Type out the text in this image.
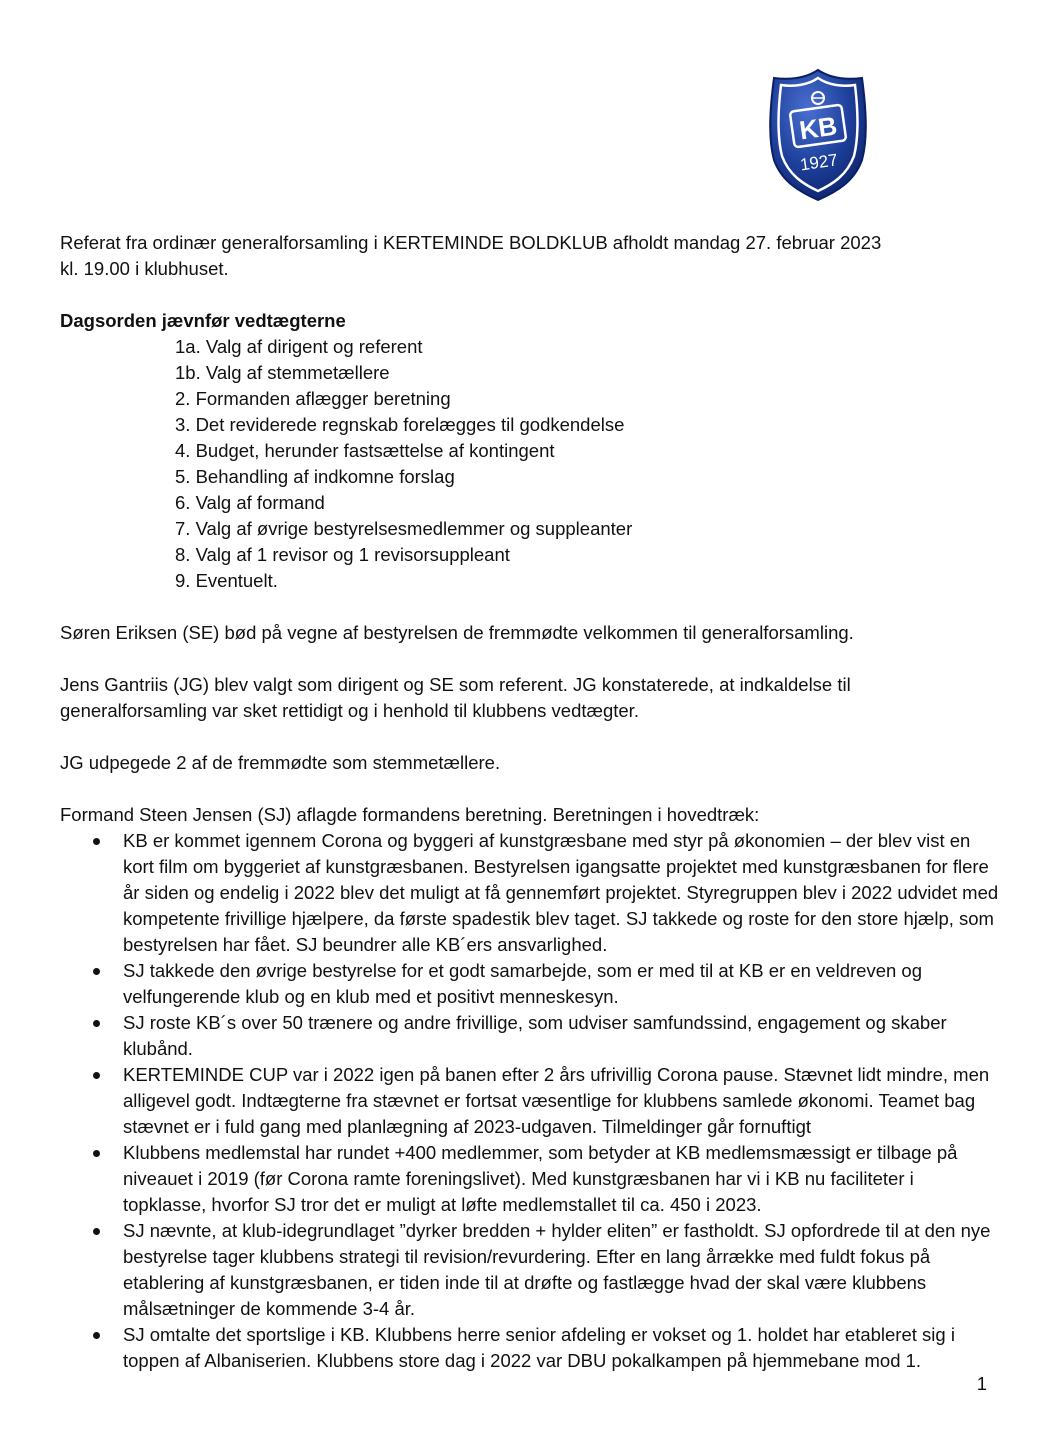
KB
1927

Referat fra ordinær generalforsamling i KERTEMINDE BOLDKLUB afholdt mandag 27. februar 2023

kl. 19.00 i klubhuset.

Dagsorden jævnfør vedtægterne

1a. Valg af dirigent og referent
1b. Valg af stemmetællere
2. Formanden aflægger beretning
3. Det reviderede regnskab forelægges til godkendelse
4. Budget, herunder fastsættelse af kontingent
5. Behandling af indkomne forslag
6. Valg af formand
7. Valg af øvrige bestyrelsesmedlemmer og suppleanter
8. Valg af 1 revisor og 1 revisorsuppleant
9. Eventuelt.

Søren Eriksen (SE) bød på vegne af bestyrelsen de fremmødte velkommen til generalforsamling.

Jens Gantriis (JG) blev valgt som dirigent og SE som referent. JG konstaterede, at indkaldelse til generalforsamling var sket rettidigt og i henhold til klubbens vedtægter.

JG udpegede 2 af de fremmødte som stemmetællere.

Formand Steen Jensen (SJ) aflagde formandens beretning. Beretningen i hovedtræk:

KB er kommet igennem Corona og byggeri af kunstgræsbane med styr på økonomien – der blev vist en kort film om byggeriet af kunstgræsbanen. Bestyrelsen igangsatte projektet med kunstgræsbanen for flere år siden og endelig i 2022 blev det muligt at få gennemført projektet. Styregruppen blev i 2022 udvidet med kompetente frivillige hjælpere, da første spadestik blev taget. SJ takkede og roste for den store hjælp, som bestyrelsen har fået. SJ beundrer alle KB´ers ansvarlighed.
SJ takkede den øvrige bestyrelse for et godt samarbejde, som er med til at KB er en veldreven og velfungerende klub og en klub med et positivt menneskesyn.
SJ roste KB´s over 50 trænere og andre frivillige, som udviser samfundssind, engagement og skaber klubånd.
KERTEMINDE CUP var i 2022 igen på banen efter 2 års ufrivillig Corona pause. Stævnet lidt mindre, men alligevel godt. Indtægterne fra stævnet er fortsat væsentlige for klubbens samlede økonomi. Teamet bag stævnet er i fuld gang med planlægning af 2023-udgaven. Tilmeldinger går fornuftigt
Klubbens medlemstal har rundet +400 medlemmer, som betyder at KB medlemsmæssigt er tilbage på niveauet i 2019 (før Corona ramte foreningslivet). Med kunstgræsbanen har vi i KB nu faciliteter i topklasse, hvorfor SJ tror det er muligt at løfte medlemstallet til ca. 450 i 2023.
SJ nævnte, at klub-idegrundlaget ”dyrker bredden + hylder eliten” er fastholdt. SJ opfordrede til at den nye bestyrelse tager klubbens strategi til revision/revurdering. Efter en lang årrække med fuldt fokus på etablering af kunstgræsbanen, er tiden inde til at drøfte og fastlægge hvad der skal være klubbens målsætninger de kommende 3-4 år.
SJ omtalte det sportslige i KB. Klubbens herre senior afdeling er vokset og 1. holdet har etableret sig i toppen af Albaniserien. Klubbens store dag i 2022 var DBU pokalkampen på hjemmebane mod 1.
1
